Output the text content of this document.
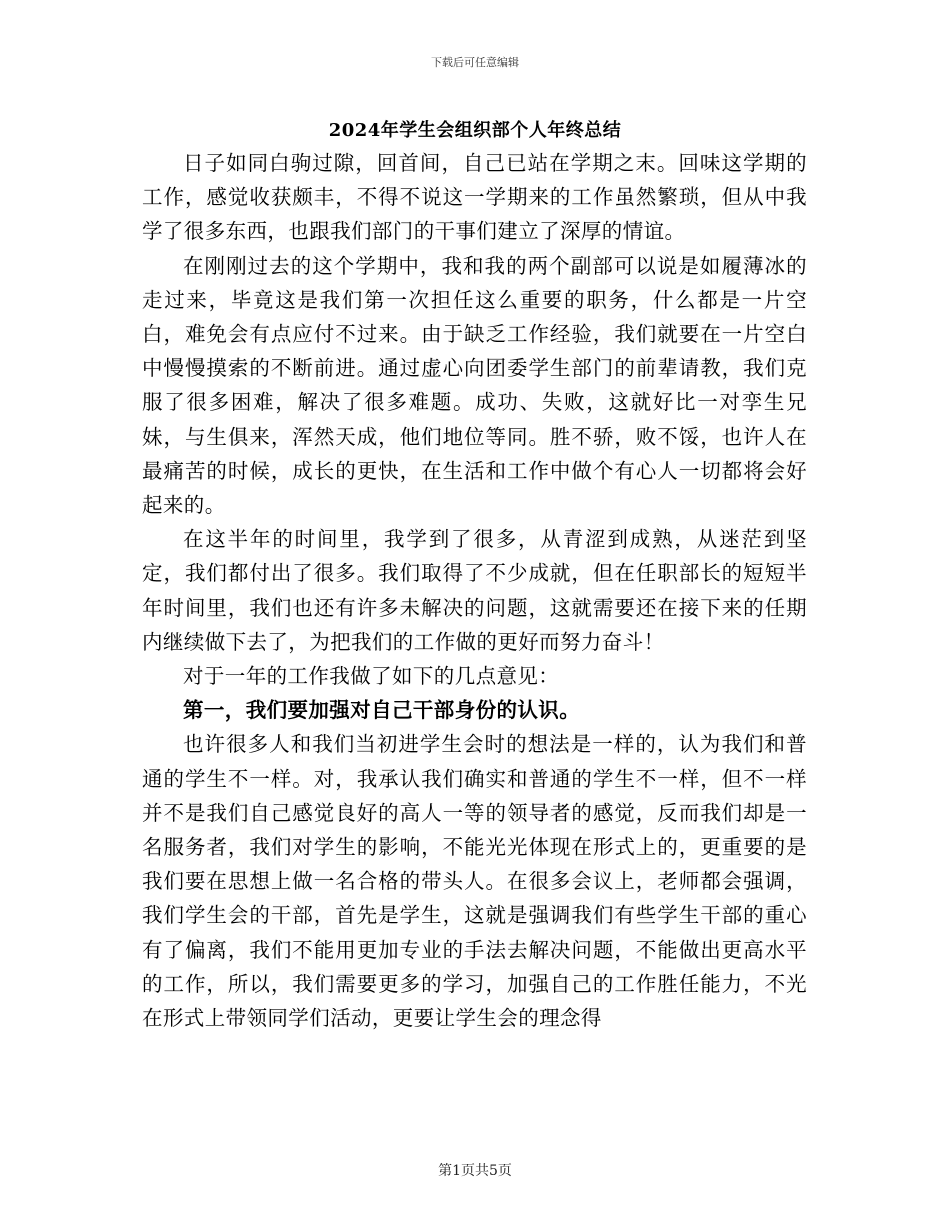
下载后可任意编辑
2024年学生会组织部个人年终总结

日子如同白驹过隙，回首间，自己已站在学期之末。回味这学期的工作，感觉收获颇丰，不得不说这一学期来的工作虽然繁琐，但从中我学了很多东西，也跟我们部门的干事们建立了深厚的情谊。

在刚刚过去的这个学期中，我和我的两个副部可以说是如履薄冰的走过来，毕竟这是我们第一次担任这么重要的职务，什么都是一片空白，难免会有点应付不过来。由于缺乏工作经验，我们就要在一片空白中慢慢摸索的不断前进。通过虚心向团委学生部门的前辈请教，我们克服了很多困难，解决了很多难题。成功、失败，这就好比一对孪生兄妹，与生俱来，浑然天成，他们地位等同。胜不骄，败不馁，也许人在最痛苦的时候，成长的更快，在生活和工作中做个有心人一切都将会好起来的。

在这半年的时间里，我学到了很多，从青涩到成熟，从迷茫到坚定，我们都付出了很多。我们取得了不少成就，但在任职部长的短短半年时间里，我们也还有许多未解决的问题，这就需要还在接下来的任期内继续做下去了，为把我们的工作做的更好而努力奋斗！

对于一年的工作我做了如下的几点意见：

第一，我们要加强对自己干部身份的认识。

也许很多人和我们当初进学生会时的想法是一样的，认为我们和普通的学生不一样。对，我承认我们确实和普通的学生不一样，但不一样并不是我们自己感觉良好的高人一等的领导者的感觉，反而我们却是一名服务者，我们对学生的影响，不能光光体现在形式上的，更重要的是我们要在思想上做一名合格的带头人。在很多会议上，老师都会强调，我们学生会的干部，首先是学生，这就是强调我们有些学生干部的重心有了偏离，我们不能用更加专业的手法去解决问题，不能做出更高水平的工作，所以，我们需要更多的学习，加强自己的工作胜任能力，不光在形式上带领同学们活动，更要让学生会的理念得

第1页共5页
